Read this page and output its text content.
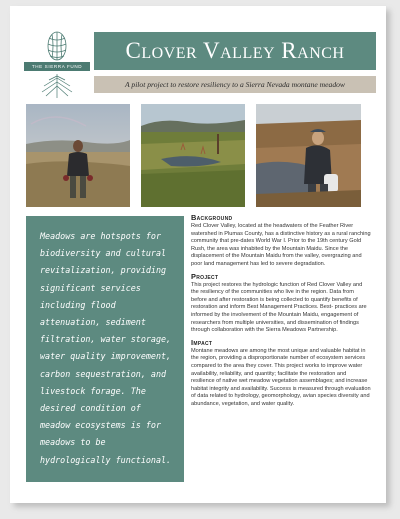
THE SIERRA FUND
Clover Valley Ranch

A pilot project to restore resiliency to a Sierra Nevada montane meadow

Meadows are hotspots for biodiversity and cultural revitalization, providing significant services including flood attenuation, sediment filtration, water storage, water quality improvement, carbon sequestration, and livestock forage. The desired condition of meadow ecosystems is for meadows to be hydrologically functional.

Background

Red Clover Valley, located at the headwaters of the Feather River watershed in Plumas County, has a distinctive history as a rural ranching community that pre-dates World War I. Prior to the 19th century Gold Rush, the area was inhabited by the Mountain Maidu. Since the displacement of the Mountain Maidu from the valley, overgrazing and poor land management has led to severe degradation.

Project

This project restores the hydrologic function of Red Clover Valley and the resiliency of the communities who live in the region. Data from before and after restoration is being collected to quantify benefits of restoration and inform Best Management Practices. Best- practices are informed by the involvement of the Mountain Maidu, engagement of researchers from multiple universities, and dissemination of findings through collaboration with the Sierra Meadows Partnership.

Impact

Montane meadows are among the most unique and valuable habitat in the region, providing a disproportionate number of ecosystem services compared to the area they cover. This project works to improve water availability, reliability, and quantity; facilitate the restoration and resilience of native wet meadow vegetation assemblages; and increase habitat integrity and availability. Success is measured through evaluation of data related to hydrology, geomorphology, avian species diversity and abundance, vegetation, and water quality.
